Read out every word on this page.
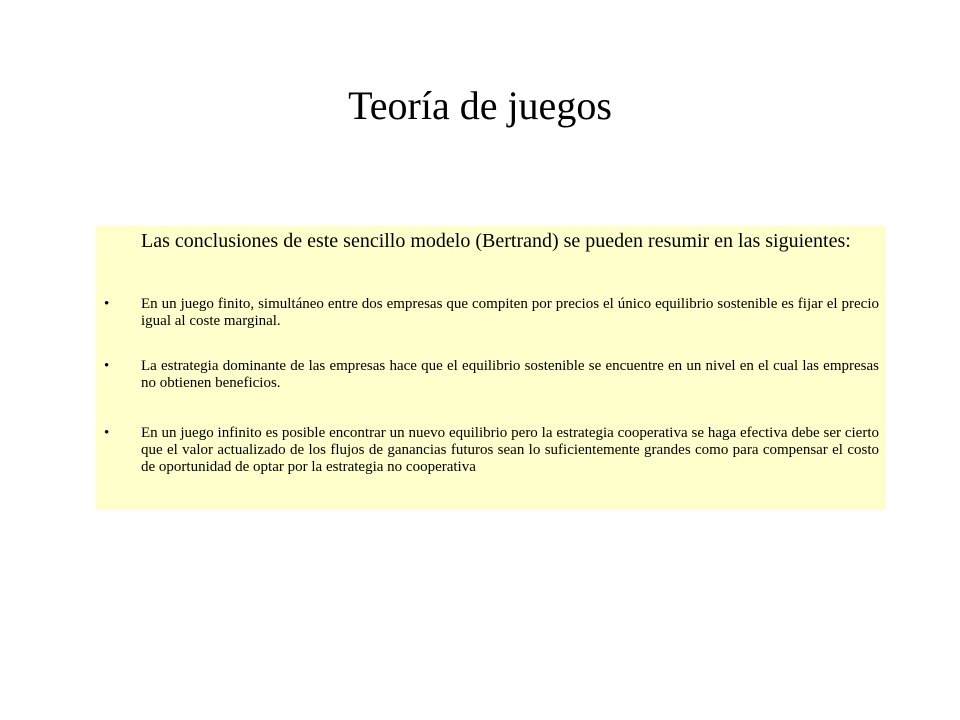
Teoría de juegos

Las conclusiones de este sencillo modelo (Bertrand) se pueden resumir en las siguientes:

• En un juego finito, simultáneo entre dos empresas que compiten por precios el único equilibrio sostenible es fijar el precio igual al coste marginal.

• La estrategia dominante de las empresas hace que el equilibrio sostenible se encuentre en un nivel en el cual las empresas no obtienen beneficios.

• En un juego infinito es posible encontrar un nuevo equilibrio pero la estrategia cooperativa se haga efectiva debe ser cierto que el valor actualizado de los flujos de ganancias futuros sean lo suficientemente grandes como para compensar el costo de oportunidad de optar por la estrategia no cooperativa
